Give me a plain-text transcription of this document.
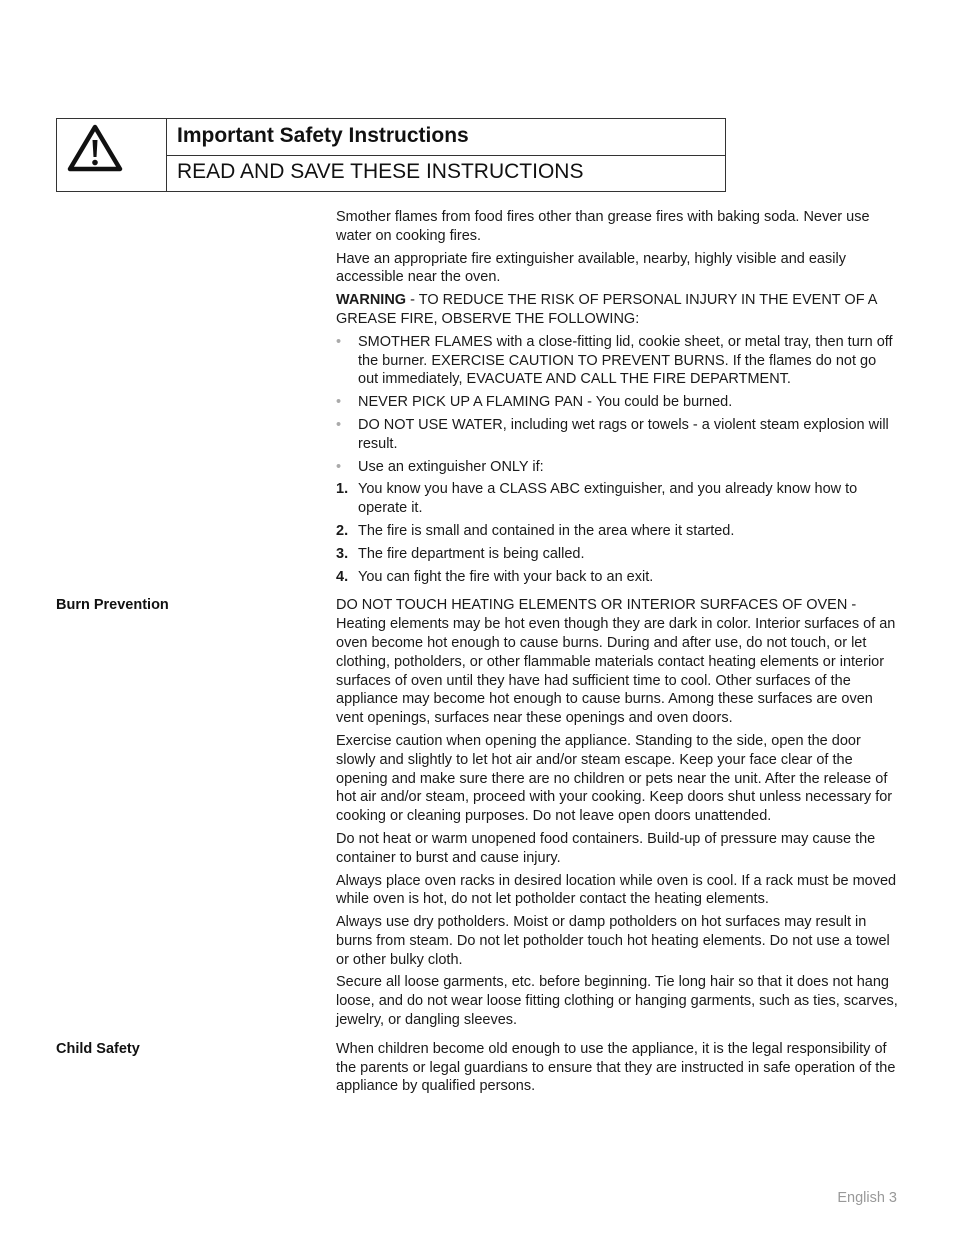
Important Safety Instructions
READ AND SAVE THESE INSTRUCTIONS

Smother flames from food fires other than grease fires with baking soda. Never use water on cooking fires.

Have an appropriate fire extinguisher available, nearby, highly visible and easily accessible near the oven.

WARNING - TO REDUCE THE RISK OF PERSONAL INJURY IN THE EVENT OF A GREASE FIRE, OBSERVE THE FOLLOWING:

•	SMOTHER FLAMES with a close-fitting lid, cookie sheet, or metal tray, then turn off the burner. EXERCISE CAUTION TO PREVENT BURNS. If the flames do not go out immediately, EVACUATE AND CALL THE FIRE DEPARTMENT.
•	NEVER PICK UP A FLAMING PAN - You could be burned.
•	DO NOT USE WATER, including wet rags or towels - a violent steam explosion will result.
•	Use an extinguisher ONLY if:
1. You know you have a CLASS ABC extinguisher, and you already know how to operate it.
2. The fire is small and contained in the area where it started.
3. The fire department is being called.
4. You can fight the fire with your back to an exit.
Burn Prevention	DO NOT TOUCH HEATING ELEMENTS OR INTERIOR SURFACES OF OVEN - Heating elements may be hot even though they are dark in color. Interior surfaces of an oven become hot enough to cause burns. During and after use, do not touch, or let clothing, potholders, or other flammable materials contact heating elements or interior surfaces of oven until they have had sufficient time to cool. Other surfaces of the appliance may become hot enough to cause burns. Among these surfaces are oven vent openings, surfaces near these openings and oven doors.

Exercise caution when opening the appliance. Standing to the side, open the door slowly and slightly to let hot air and/or steam escape. Keep your face clear of the opening and make sure there are no children or pets near the unit. After the release of hot air and/or steam, proceed with your cooking. Keep doors shut unless necessary for cooking or cleaning purposes. Do not leave open doors unattended.

Do not heat or warm unopened food containers. Build-up of pressure may cause the container to burst and cause injury.

Always place oven racks in desired location while oven is cool. If a rack must be moved while oven is hot, do not let potholder contact the heating elements.

Always use dry potholders. Moist or damp potholders on hot surfaces may result in burns from steam. Do not let potholder touch hot heating elements. Do not use a towel or other bulky cloth.

Secure all loose garments, etc. before beginning. Tie long hair so that it does not hang loose, and do not wear loose fitting clothing or hanging garments, such as ties, scarves, jewelry, or dangling sleeves.

Child Safety	When children become old enough to use the appliance, it is the legal responsibility of the parents or legal guardians to ensure that they are instructed in safe operation of the appliance by qualified persons.

English 3
